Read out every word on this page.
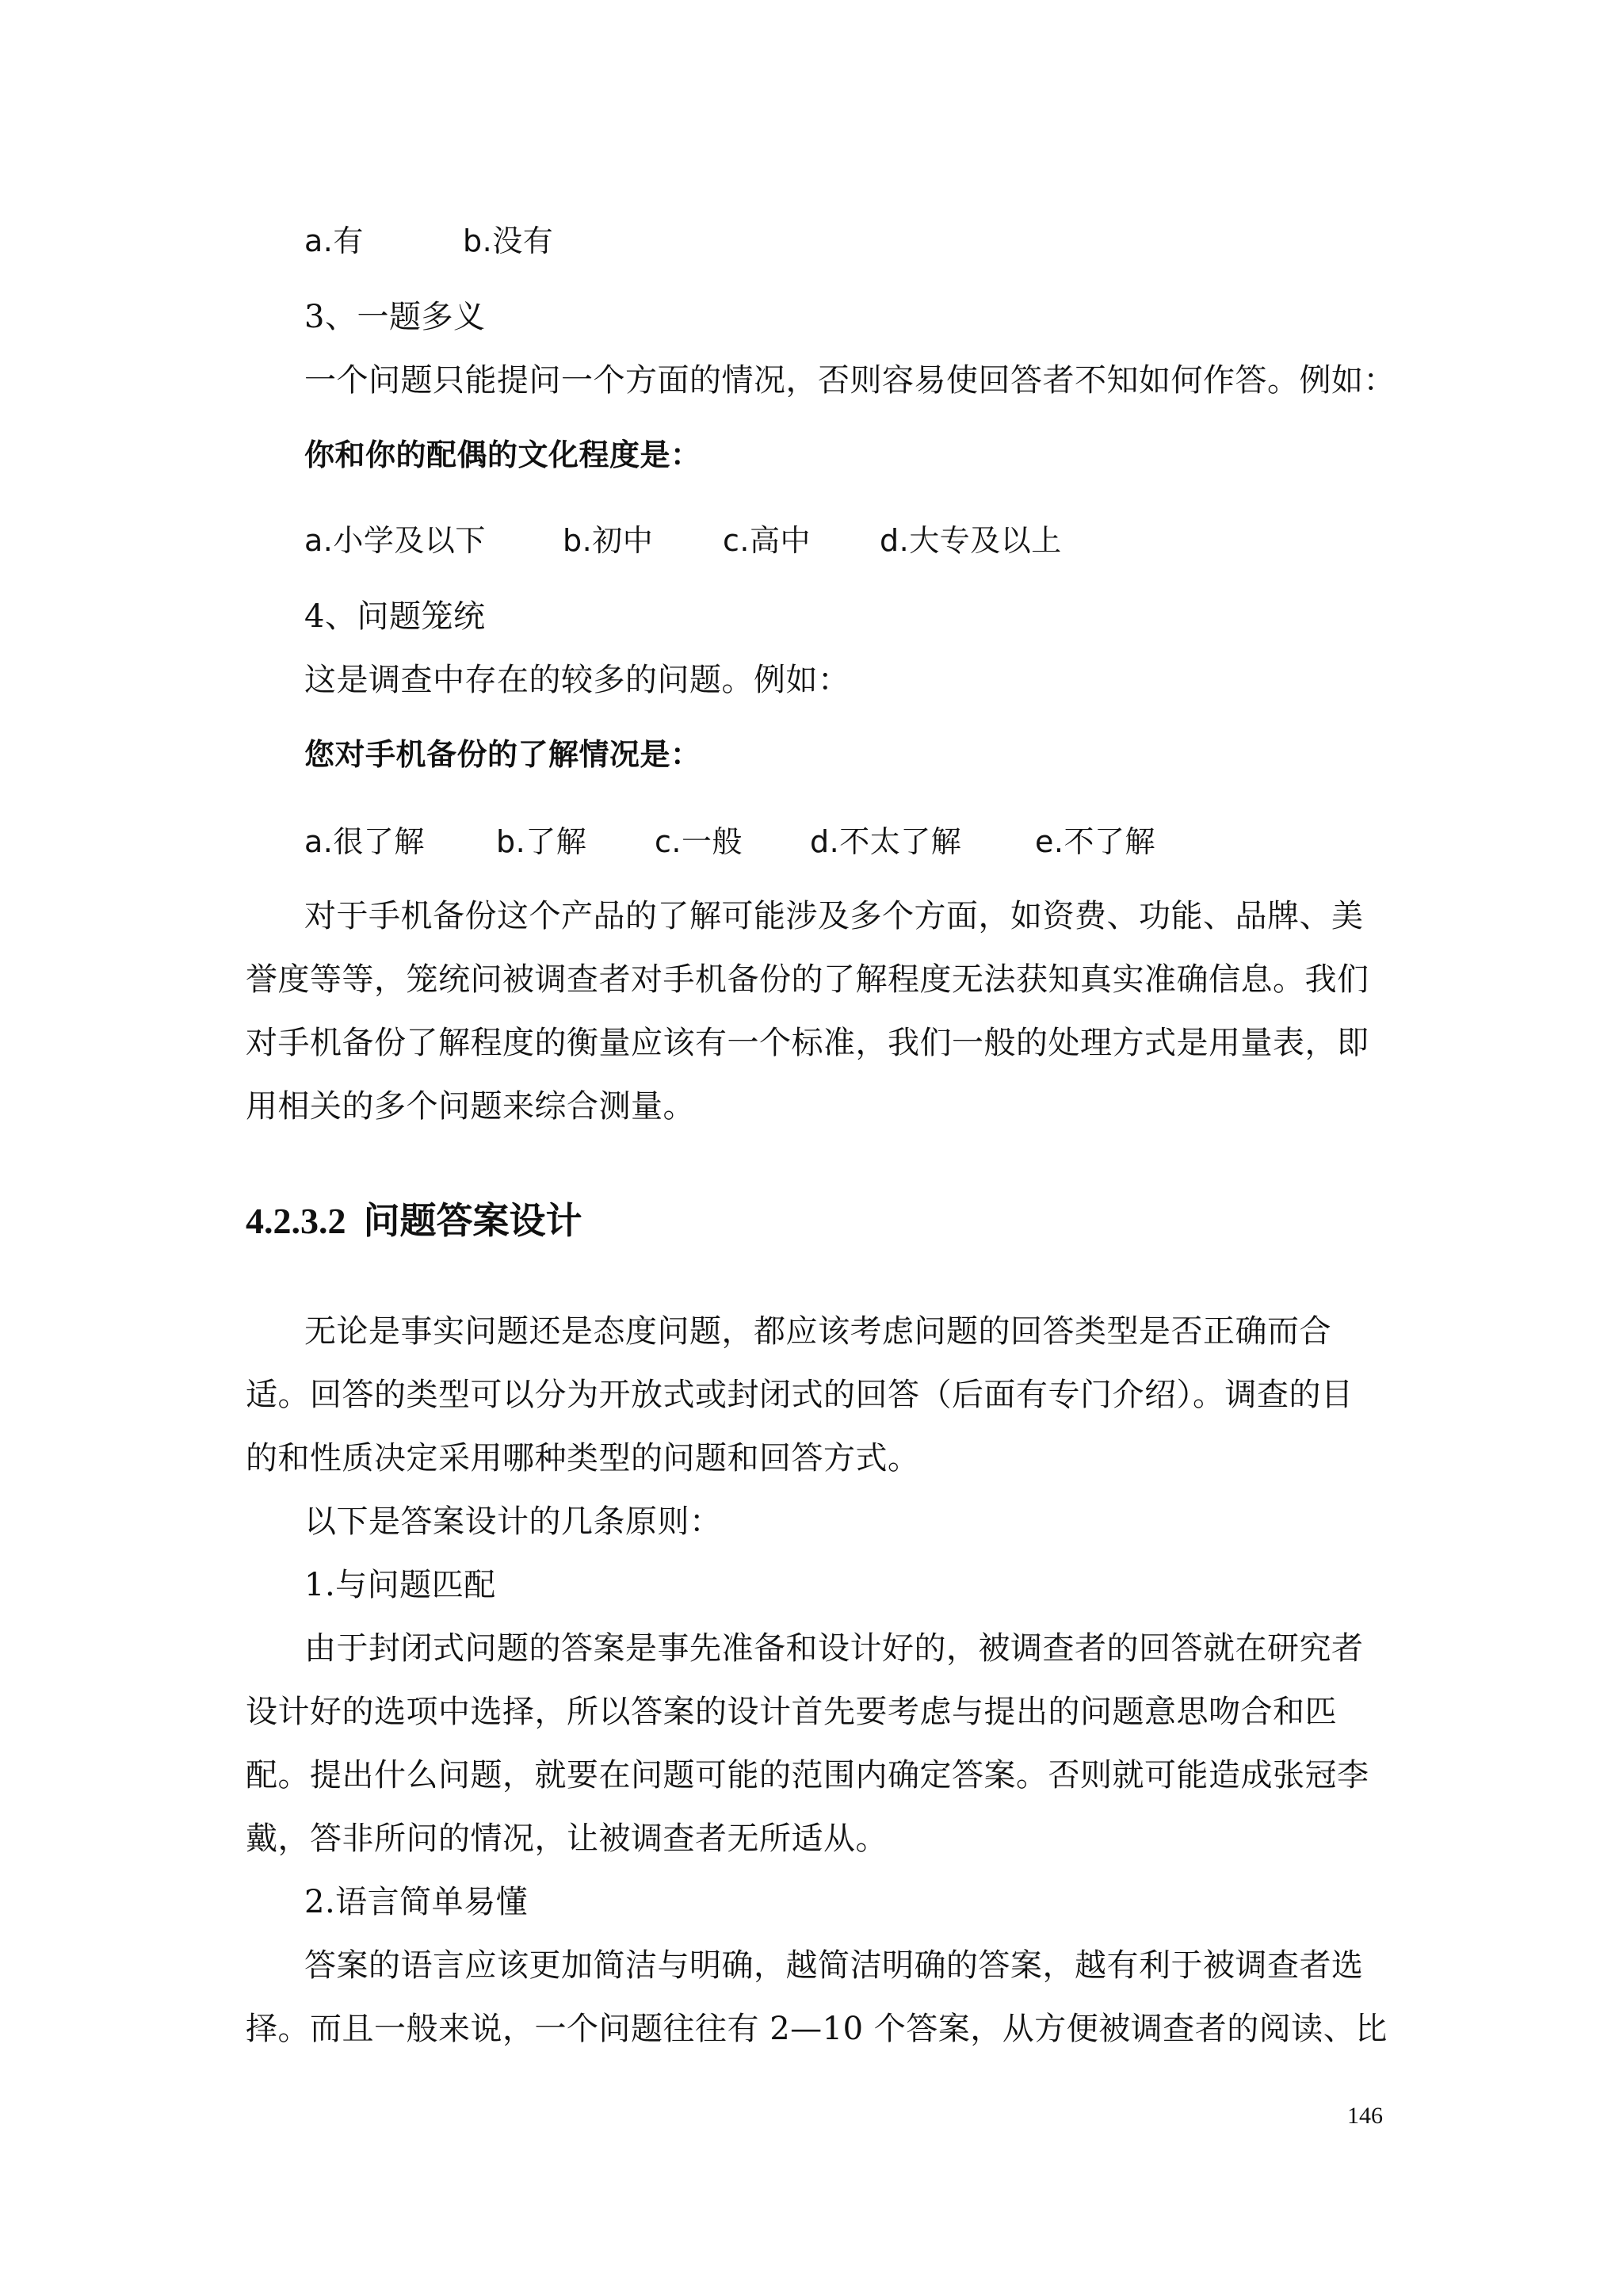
a.有	b.没有
3、一题多义
一个问题只能提问一个方面的情况，否则容易使回答者不知如何作答。例如：
你和你的配偶的文化程度是：
a.小学及以下	b.初中 c.高中 d.大专及以上
4、问题笼统
这是调查中存在的较多的问题。例如：
您对手机备份的了解情况是：
a.很了解 b.了解 c.一般 d.不太了解 e.不了解
对于手机备份这个产品的了解可能涉及多个方面，如资费、功能、品牌、美
誉度等等，笼统问被调查者对手机备份的了解程度无法获知真实准确信息。我们
对手机备份了解程度的衡量应该有一个标准，我们一般的处理方式是用量表，即
用相关的多个问题来综合测量。
4.2.3.2 问题答案设计
无论是事实问题还是态度问题，都应该考虑问题的回答类型是否正确而合
适。回答的类型可以分为开放式或封闭式的回答（后面有专门介绍）。调查的目
的和性质决定采用哪种类型的问题和回答方式。
以下是答案设计的几条原则：
1.与问题匹配
由于封闭式问题的答案是事先准备和设计好的，被调查者的回答就在研究者
设计好的选项中选择，所以答案的设计首先要考虑与提出的问题意思吻合和匹
配。提出什么问题，就要在问题可能的范围内确定答案。否则就可能造成张冠李
戴，答非所问的情况，让被调查者无所适从。
2.语言简单易懂
答案的语言应该更加简洁与明确，越简洁明确的答案，越有利于被调查者选
择。而且一般来说，一个问题往往有 2—10 个答案，从方便被调查者的阅读、比
146
